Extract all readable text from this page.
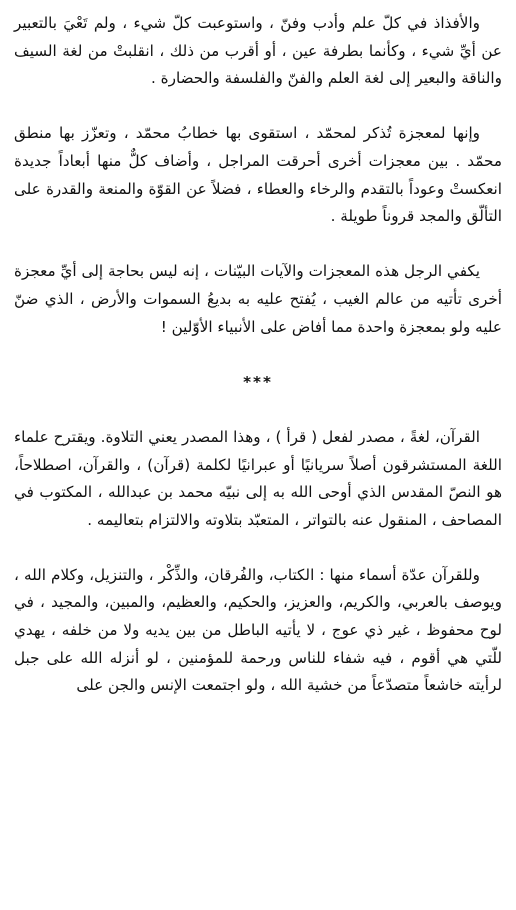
والأفذاذ في كلّ علم وأدب وفنّ ، واستوعبت كلّ شيء ، ولم تَعْيَ بالتعبير عن أيِّ شيء ، وكأنما بطرفة عين ، أو أقرب من ذلك ، انقلبتْ من لغة السيف والناقة والبعير إلى لغة العلم والفنّ والفلسفة والحضارة .

وإنها لمعجزة تُذكر لمحمّد ، استقوى بها خطابُ محمّد ، وتعزّز بها منطق محمّد . بين معجزات أخرى أحرقت المراجل ، وأضاف كلٌّ منها أبعاداً جديدة انعكستْ وعوداً بالتقدم والرخاء والعطاء ، فضلاً عن القوّة والمنعة والقدرة على التألّق والمجد قروناً طويلة .

يكفي الرجل هذه المعجزات والآيات البيّنات ، إنه ليس بحاجة إلى أيِّ معجزة أخرى تأتيه من عالم الغيب ، يُفتح عليه به بديعُ السموات والأرض ، الذي ضنّ عليه ولو بمعجزة واحدة مما أفاض على الأنبياء الأوّلين !

***

القرآن، لغةً ، مصدر لفعل ( قرأ ) ، وهذا المصدر يعني التلاوة. ويقترح علماء اللغة المستشرقون أصلاً سريانيًا أو عبرانيًا لكلمة (قرآن) ، والقرآن، اصطلاحاً، هو النصّ المقدس الذي أوحى الله به إلى نبيّه محمد بن عبدالله ، المكتوب في المصاحف ، المنقول عنه بالتواتر ، المتعبّد بتلاوته والالتزام بتعاليمه .

وللقرآن عدّة أسماء منها : الكتاب، والفُرقان، والذِّكْر ، والتنزيل، وكلام الله ، ويوصف بالعربي، والكريم، والعزيز، والحكيم، والعظيم، والمبين، والمجيد ، في لوح محفوظ ، غير ذي عوج ، لا يأتيه الباطل من بين يديه ولا من خلفه ، يهدي للّتي هي أقوم ، فيه شفاء للناس ورحمة للمؤمنين ، لو أنزله الله على جبل لرأيته خاشعاً متصدّعاً من خشية الله ، ولو اجتمعت الإنس والجن على
